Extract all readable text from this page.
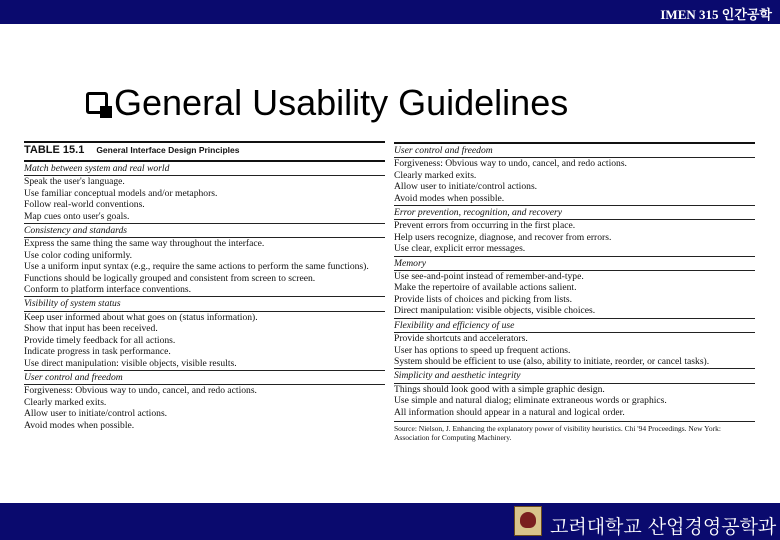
IMEN 315 인간공학
General Usability Guidelines
TABLE 15.1 General Interface Design Principles
Match between system and real world
Speak the user's language.
Use familiar conceptual models and/or metaphors.
Follow real-world conventions.
Map cues onto user's goals.
Consistency and standards
Express the same thing the same way throughout the interface.
Use color coding uniformly.
Use a uniform input syntax (e.g., require the same actions to perform the same functions).
Functions should be logically grouped and consistent from screen to screen.
Conform to platform interface conventions.
Visibility of system status
Keep user informed about what goes on (status information).
Show that input has been received.
Provide timely feedback for all actions.
Indicate progress in task performance.
Use direct manipulation: visible objects, visible results.
User control and freedom
Forgiveness: Obvious way to undo, cancel, and redo actions.
Clearly marked exits.
Allow user to initiate/control actions.
Avoid modes when possible.
User control and freedom
Forgiveness: Obvious way to undo, cancel, and redo actions.
Clearly marked exits.
Allow user to initiate/control actions.
Avoid modes when possible.
Error prevention, recognition, and recovery
Prevent errors from occurring in the first place.
Help users recognize, diagnose, and recover from errors.
Use clear, explicit error messages.
Memory
Use see-and-point instead of remember-and-type.
Make the repertoire of available actions salient.
Provide lists of choices and picking from lists.
Direct manipulation: visible objects, visible choices.
Flexibility and efficiency of use
Provide shortcuts and accelerators.
User has options to speed up frequent actions.
System should be efficient to use (also, ability to initiate, reorder, or cancel tasks).
Simplicity and aesthetic integrity
Things should look good with a simple graphic design.
Use simple and natural dialog; eliminate extraneous words or graphics.
All information should appear in a natural and logical order.
Source: Nielson, J. Enhancing the explanatory power of visibility heuristics. Chi '94 Proceedings. New York: Association for Computing Machinery.
고려대학교 산업경영공학과
